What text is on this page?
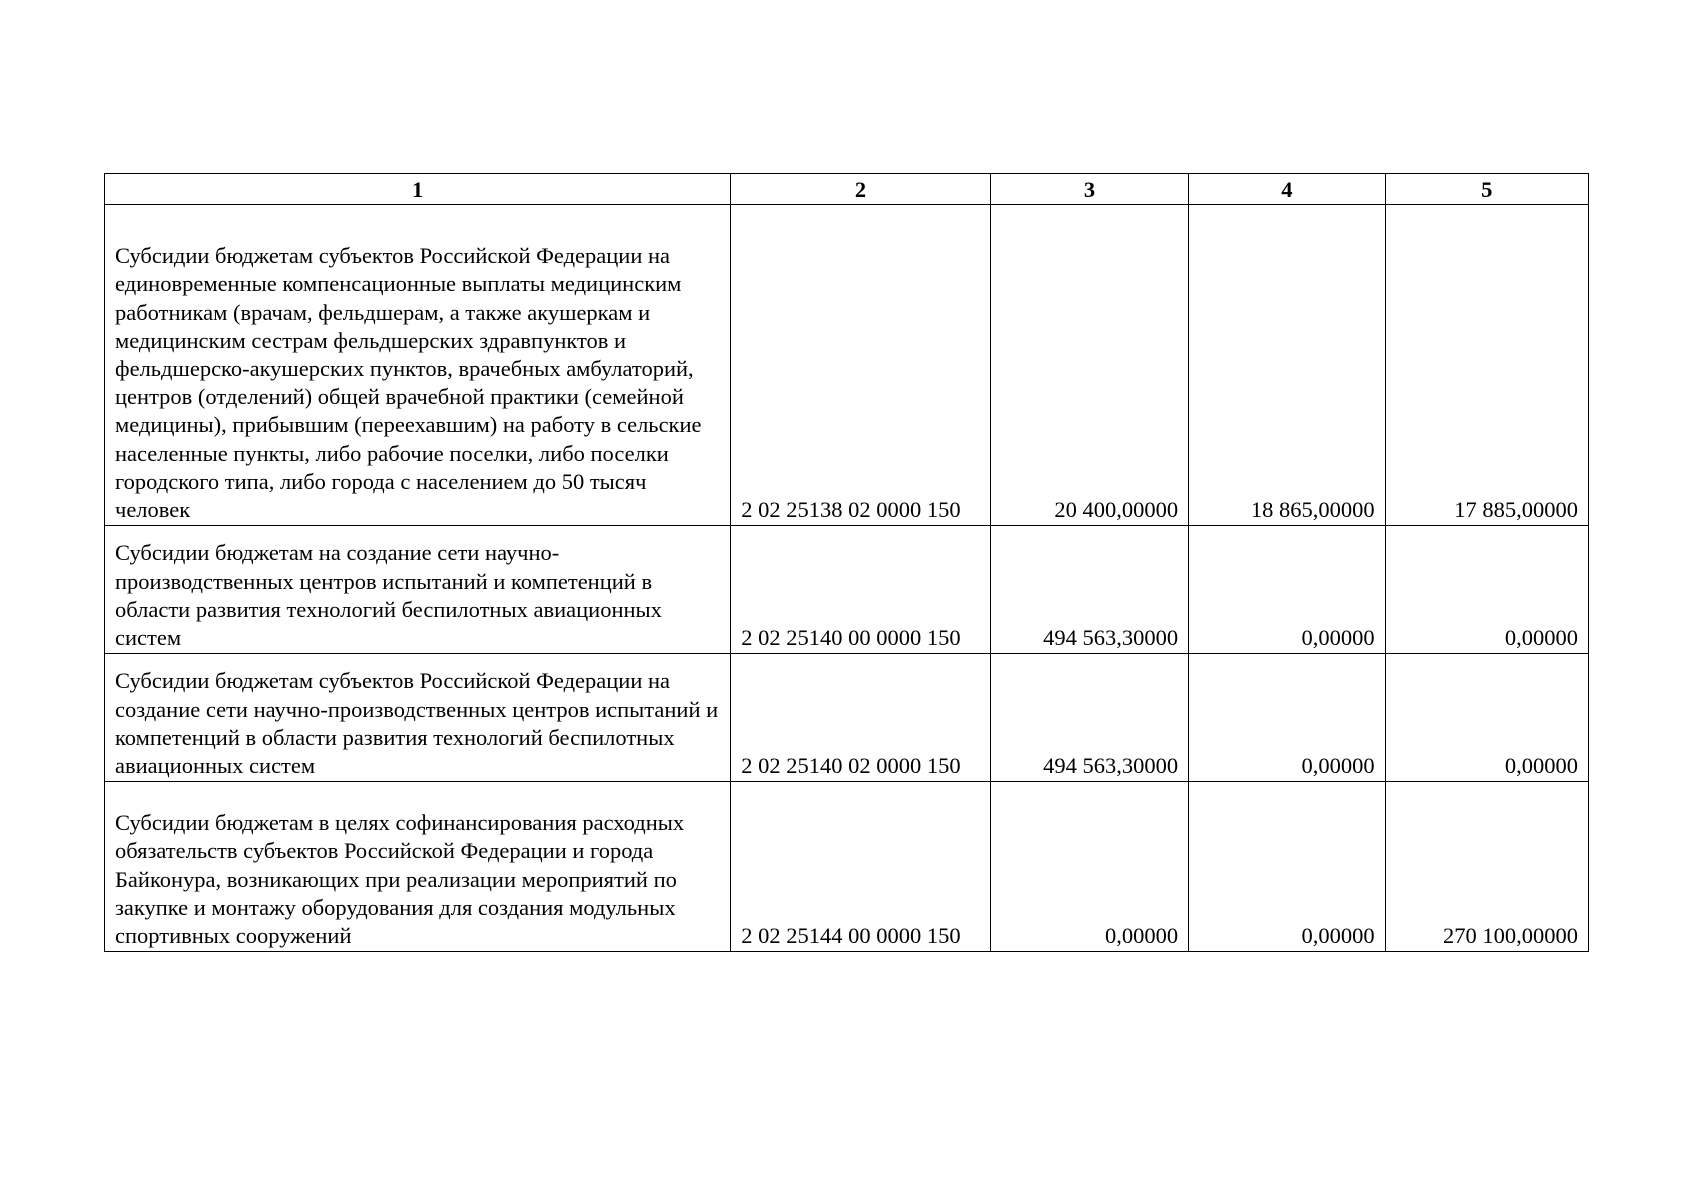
1	2	3	4	5
Субсидии бюджетам субъектов Российской Федерации на единовременные компенсационные выплаты медицинским работникам (врачам, фельдшерам, а также акушеркам и медицинским сестрам фельдшерских здравпунктов и фельдшерско-акушерских пунктов, врачебных амбулаторий, центров (отделений) общей врачебной практики (семейной медицины), прибывшим (переехавшим) на работу в сельские населенные пункты, либо рабочие поселки, либо поселки городского типа, либо города с населением до 50 тысяч человек	2 02 25138 02 0000 150	20 400,00000	18 865,00000	17 885,00000
Субсидии бюджетам на создание сети научно-производственных центров испытаний и компетенций в области развития технологий беспилотных авиационных систем	2 02 25140 00 0000 150	494 563,30000	0,00000	0,00000
Субсидии бюджетам субъектов Российской Федерации на создание сети научно-производственных центров испытаний и компетенций в области развития технологий беспилотных авиационных систем	2 02 25140 02 0000 150	494 563,30000	0,00000	0,00000
Субсидии бюджетам в целях софинансирования расходных обязательств субъектов Российской Федерации и города Байконура, возникающих при реализации мероприятий по закупке и монтажу оборудования для создания модульных спортивных сооружений	2 02 25144 00 0000 150	0,00000	0,00000	270 100,00000
